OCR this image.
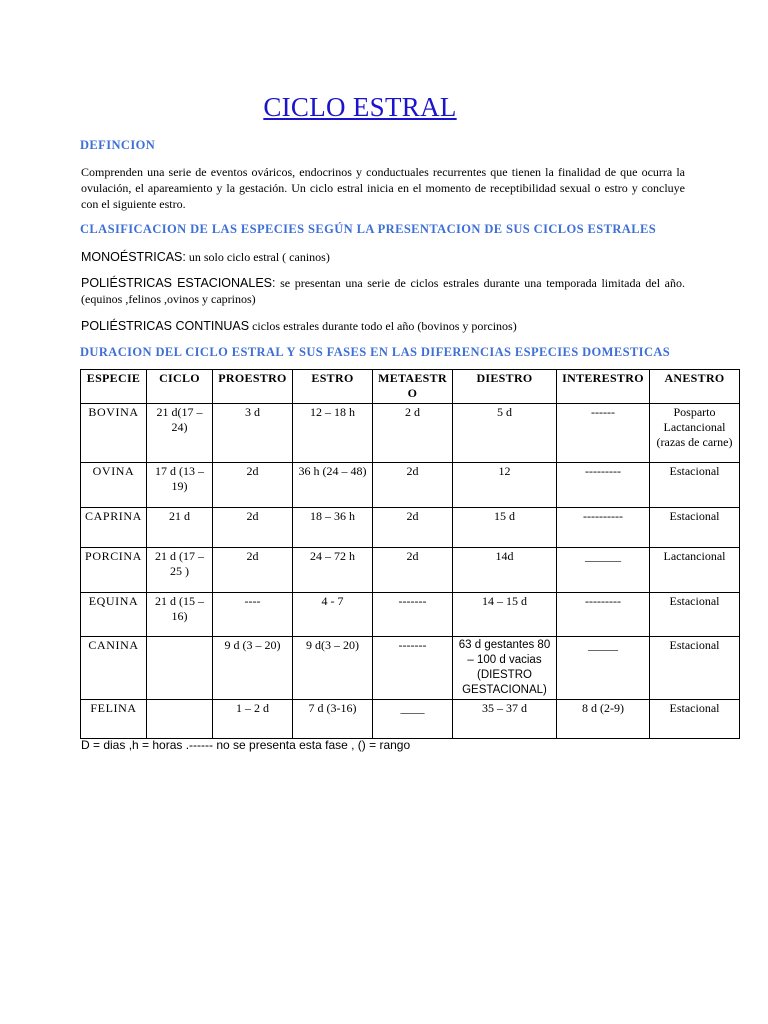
CICLO ESTRAL
DEFINCION

Comprenden una serie de eventos ováricos, endocrinos y conductuales recurrentes que tienen la finalidad de que ocurra la ovulación, el apareamiento y la gestación. Un ciclo estral inicia en el momento de receptibilidad sexual o estro y concluye con el siguiente estro.

CLASIFICACION DE LAS ESPECIES SEGÚN LA PRESENTACION DE SUS CICLOS ESTRALES

MONOÉSTRICAS: un solo ciclo estral ( caninos)

POLIÉSTRICAS ESTACIONALES: se presentan una serie de ciclos estrales durante una temporada limitada del año. (equinos ,felinos ,ovinos y caprinos)

POLIÉSTRICAS CONTINUAS ciclos estrales durante todo el año (bovinos y porcinos)

DURACION DEL CICLO ESTRAL Y SUS FASES EN LAS DIFERENCIAS ESPECIES DOMESTICAS
ESPECIE	CICLO	PROESTRO	ESTRO	METAESTRO	DIESTRO	INTERESTRO	ANESTRO
BOVINA	21 d(17 – 24)	3 d	12 – 18 h	2 d	5 d	------	Posparto Lactancional (razas de carne)
OVINA	17 d (13 – 19)	2d	36 h (24 – 48)	2d	12	---------	Estacional
CAPRINA	21 d	2d	18 – 36 h	2d	15 d	----------	Estacional
PORCINA	21 d (17 – 25 )	2d	24 – 72 h	2d	14d	______	Lactancional
EQUINA	21 d (15 – 16)	----	4 - 7	-------	14 – 15 d	---------	Estacional
CANINA		9 d (3 – 20)	9 d(3 – 20)	-------	63 d gestantes 80 – 100 d vacias (DIESTRO GESTACIONAL)	_____	Estacional
FELINA		1 – 2 d	7 d (3-16)	____	35 – 37 d	8 d (2-9)	Estacional
D = dias ,h = horas .------ no se presenta esta fase , () = rango
